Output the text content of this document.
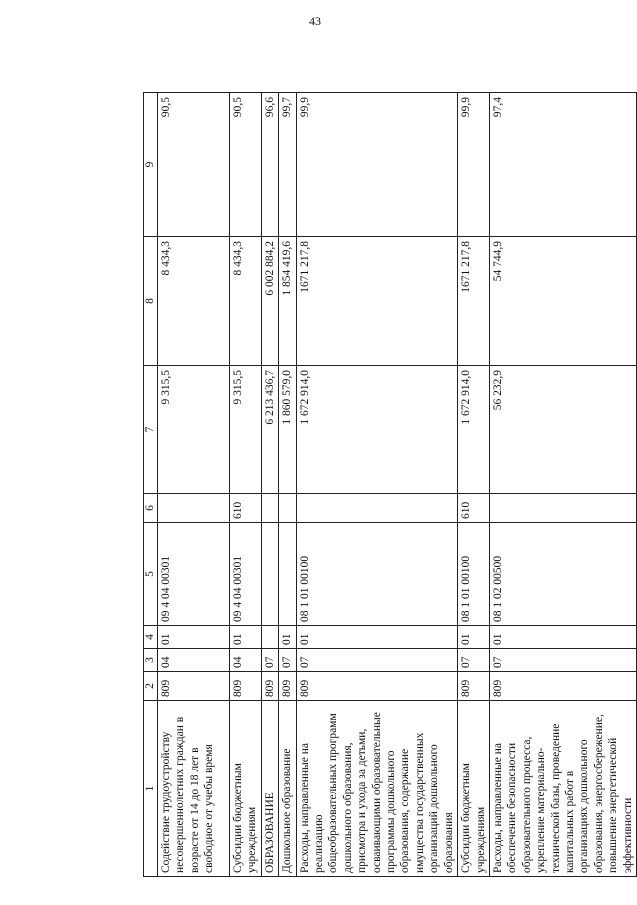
43
1	2	3	4	5	6	7	8	9
Содействие трудоустройству несовершеннолетних граждан в возрасте от 14 до 18 лет в свободное от учебы время	809	04	01	09 4 04 00301		9 315,5	8 434,3	90,5
Субсидии бюджетным учреждениям	809	04	01	09 4 04 00301	610	9 315,5	8 434,3	90,5
ОБРАЗОВАНИЕ	809	07				6 213 436,7	6 002 884,2	96,6
Дошкольное образование	809	07	01			1 860 579,0	1 854 419,6	99,7
Расходы, направленные на реализацию общеобразовательных программ дошкольного образования, присмотра и ухода за детьми, осваивающими образовательные программы дошкольного образования, содержание имущества государственных организаций дошкольного образования	809	07	01	08 1 01 00100		1 672 914,0	1671 217,8	99,9
Субсидии бюджетным учреждениям	809	07	01	08 1 01 00100	610	1 672 914,0	1671 217,8	99,9
Расходы, направленные на обеспечение безопасности образовательного процесса, укрепление материально-технической базы, проведение капитальных работ в организациях дошкольного образования, энергосбережение, повышение энергетической эффективности	809	07	01	08 1 02 00500		56 232,9	54 744,9	97,4
